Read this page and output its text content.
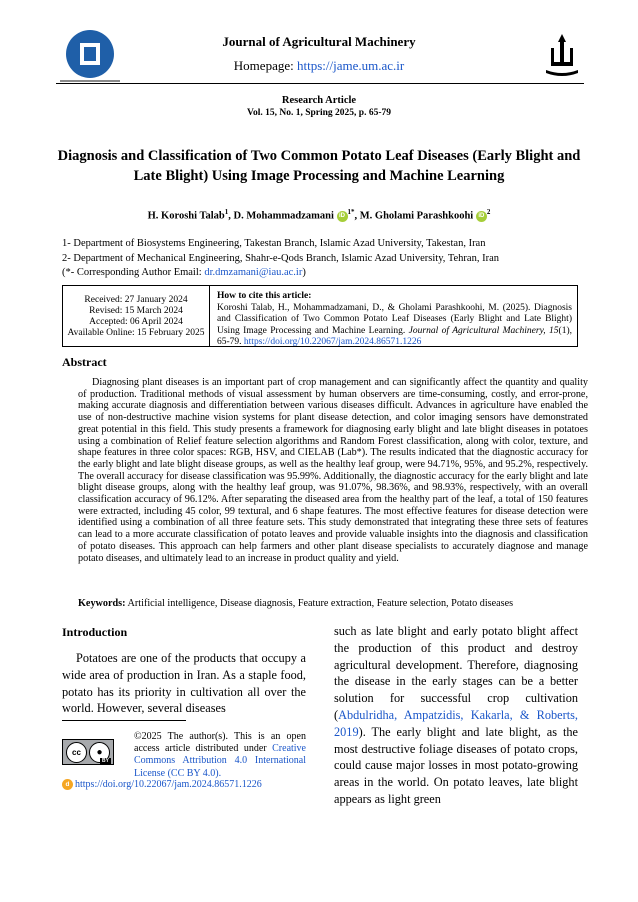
Journal of Agricultural Machinery
Homepage: https://jame.um.ac.ir
Research Article
Vol. 15, No. 1, Spring 2025, p. 65-79
Diagnosis and Classification of Two Common Potato Leaf Diseases (Early Blight and Late Blight) Using Image Processing and Machine Learning
H. Koroshi Talab$^1$, D. Mohammadzamani iD $^{1*}$, M. Gholami Parashkoohi iD $^2$
1- Department of Biosystems Engineering, Takestan Branch, Islamic Azad University, Takestan, Iran
2- Department of Mechanical Engineering, Shahr-e-Qods Branch, Islamic Azad University, Tehran, Iran
(*- Corresponding Author Email: dr.dmzamani@iau.ac.ir)
Received: 27 January 2024
Revised: 15 March 2024
Accepted: 06 April 2024
Available Online: 15 February 2025
How to cite this article:
Koroshi Talab, H., Mohammadzamani, D., & Gholami Parashkoohi, M. (2025). Diagnosis and Classification of Two Common Potato Leaf Diseases (Early Blight and Late Blight) Using Image Processing and Machine Learning. Journal of Agricultural Machinery, 15(1), 65-79. https://doi.org/10.22067/jam.2024.86571.1226
Abstract
Diagnosing plant diseases is an important part of crop management and can significantly affect the quantity and quality of production. Traditional methods of visual assessment by human observers are time-consuming, costly, and error-prone, making accurate diagnosis and differentiation between various diseases difficult. Advances in agriculture have enabled the use of non-destructive machine vision systems for plant disease detection, and color imaging sensors have demonstrated great potential in this field. This study presents a framework for diagnosing early blight and late blight diseases in potatoes using a combination of Relief feature selection algorithms and Random Forest classification, along with color, texture, and shape features in three color spaces: RGB, HSV, and CIELAB (Lab*). The results indicated that the diagnostic accuracy for the early blight and late blight disease groups, as well as the healthy leaf group, were 94.71%, 95%, and 95.2%, respectively. The overall accuracy for disease classification was 95.99%. Additionally, the diagnostic accuracy for the early blight and late blight disease groups, along with the healthy leaf group, was 91.07%, 98.36%, and 98.93%, respectively, with an overall classification accuracy of 96.12%. After separating the diseased area from the healthy part of the leaf, a total of 150 features were extracted, including 45 color, 99 textural, and 6 shape features. The most effective features for disease detection were identified using a combination of all three feature sets. This study demonstrated that integrating these three sets of features can lead to a more accurate classification of potato leaves and provide valuable insights into the diagnosis and classification of potato diseases. This approach can help farmers and other plant disease specialists to accurately diagnose and manage potato diseases, and ultimately lead to an increase in product quality and yield.
Keywords: Artificial intelligence, Disease diagnosis, Feature extraction, Feature selection, Potato diseases
Introduction
Potatoes are one of the products that occupy a wide area of production in Iran. As a staple food, potato has its priority in cultivation all over the world. However, several diseases
cc	●
BY
©2025 The author(s). This is an open access article distributed under Creative Commons Attribution 4.0 International License (CC BY 4.0).
d https://doi.org/10.22067/jam.2024.86571.1226
such as late blight and early potato blight affect the production of this product and destroy agricultural development. Therefore, diagnosing the disease in the early stages can be a better solution for successful crop cultivation (Abdulridha, Ampatzidis, Kakarla, & Roberts, 2019). The early blight and late blight, as the most destructive foliage diseases of potato crops, could cause major losses in most potato-growing areas in the world. On potato leaves, late blight appears as light green
